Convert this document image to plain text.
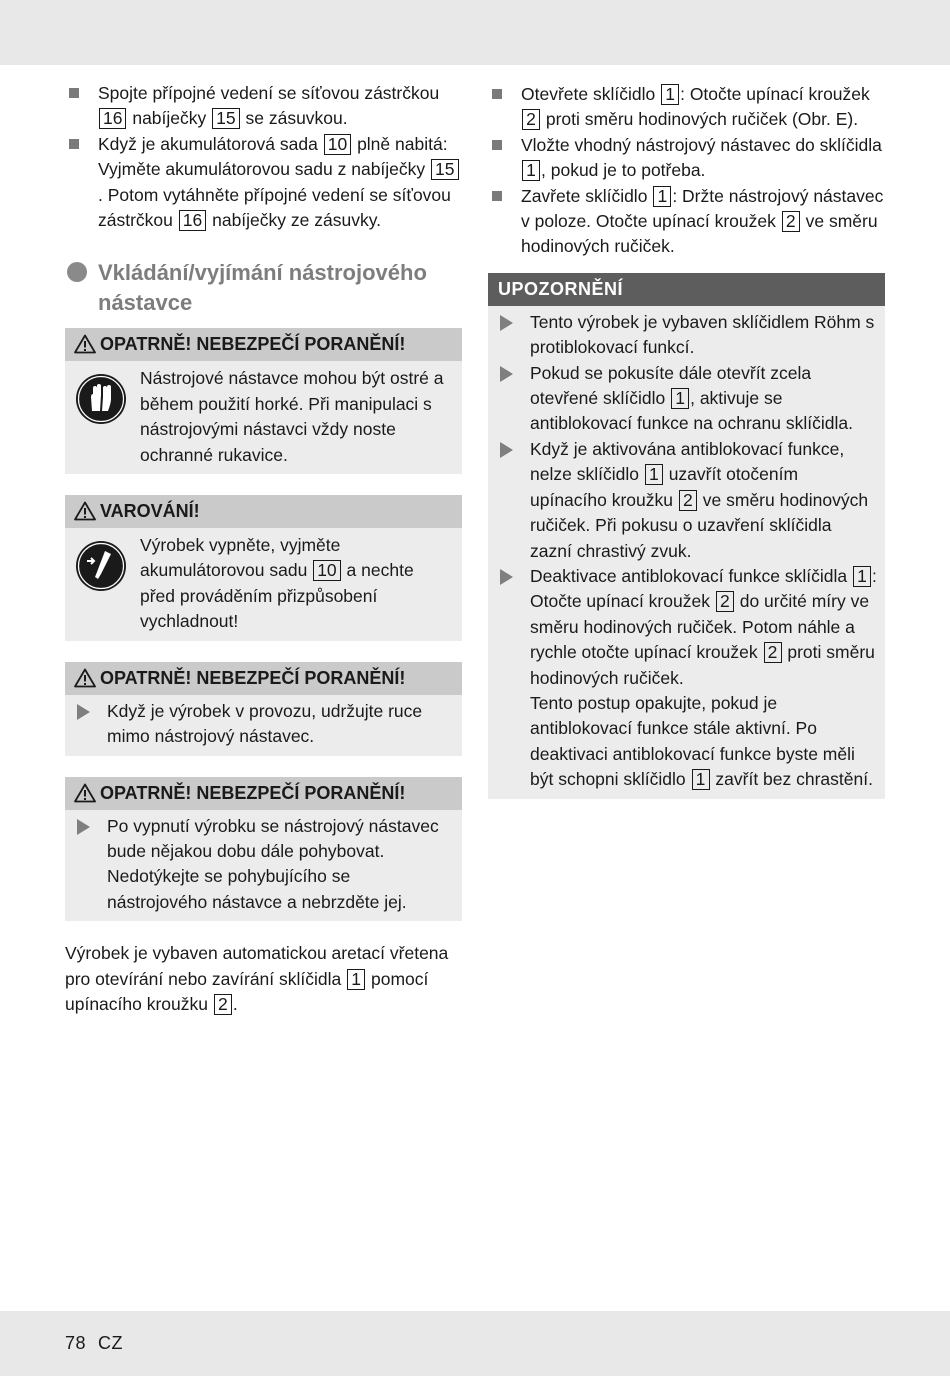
Spojte přípojné vedení se síťovou zástrčkou 16 nabíječky 15 se zásuvkou.
Když je akumulátorová sada 10 plně nabitá: Vyjměte akumulátorovou sadu z nabíječky 15. Potom vytáhněte přípojné vedení se síťovou zástrčkou 16 nabíječky ze zásuvky.
Vkládání/vyjímání nástrojového nástavce
OPATRNĚ! NEBEZPEČÍ PORANĚNÍ!
Nástrojové nástavce mohou být ostré a během použití horké. Při manipulaci s nástrojovými nástavci vždy noste ochranné rukavice.
VAROVÁNÍ!
Výrobek vypněte, vyjměte akumulátorovou sadu 10 a nechte před prováděním přizpůsobení vychladnout!
OPATRNĚ! NEBEZPEČÍ PORANĚNÍ!
Když je výrobek v provozu, udržujte ruce mimo nástrojový nástavec.
OPATRNĚ! NEBEZPEČÍ PORANĚNÍ!
Po vypnutí výrobku se nástrojový nástavec bude nějakou dobu dále pohybovat. Nedotýkejte se pohybujícího se nástrojového nástavce a nebrzděte jej.
Výrobek je vybaven automatickou aretací vřetena pro otevírání nebo zavírání sklíčidla 1 pomocí upínacího kroužku 2 .
Otevřete sklíčidlo 1 : Otočte upínací kroužek 2 proti směru hodinových ručiček (Obr. E).
Vložte vhodný nástrojový nástavec do sklíčidla 1 , pokud je to potřeba.
Zavřete sklíčidlo 1 : Držte nástrojový nástavec v poloze. Otočte upínací kroužek 2 ve směru hodinových ručiček.
UPOZORNĚNÍ
Tento výrobek je vybaven sklíčidlem Röhm s protiblokovací funkcí.
Pokud se pokusíte dále otevřít zcela otevřené sklíčidlo 1 , aktivuje se antiblokovací funkce na ochranu sklíčidla.
Když je aktivována antiblokovací funkce, nelze sklíčidlo 1 uzavřít otočením upínacího kroužku 2 ve směru hodinových ručiček. Při pokusu o uzavření sklíčidla zazní chrastivý zvuk.
Deaktivace antiblokovací funkce sklíčidla 1 : Otočte upínací kroužek 2 do určité míry ve směru hodinových ručiček. Potom náhle a rychle otočte upínací kroužek 2 proti směru hodinových ručiček.
Tento postup opakujte, pokud je antiblokovací funkce stále aktivní. Po deaktivaci antiblokovací funkce byste měli být schopni sklíčidlo 1 zavřít bez chrastění.
78 CZ
